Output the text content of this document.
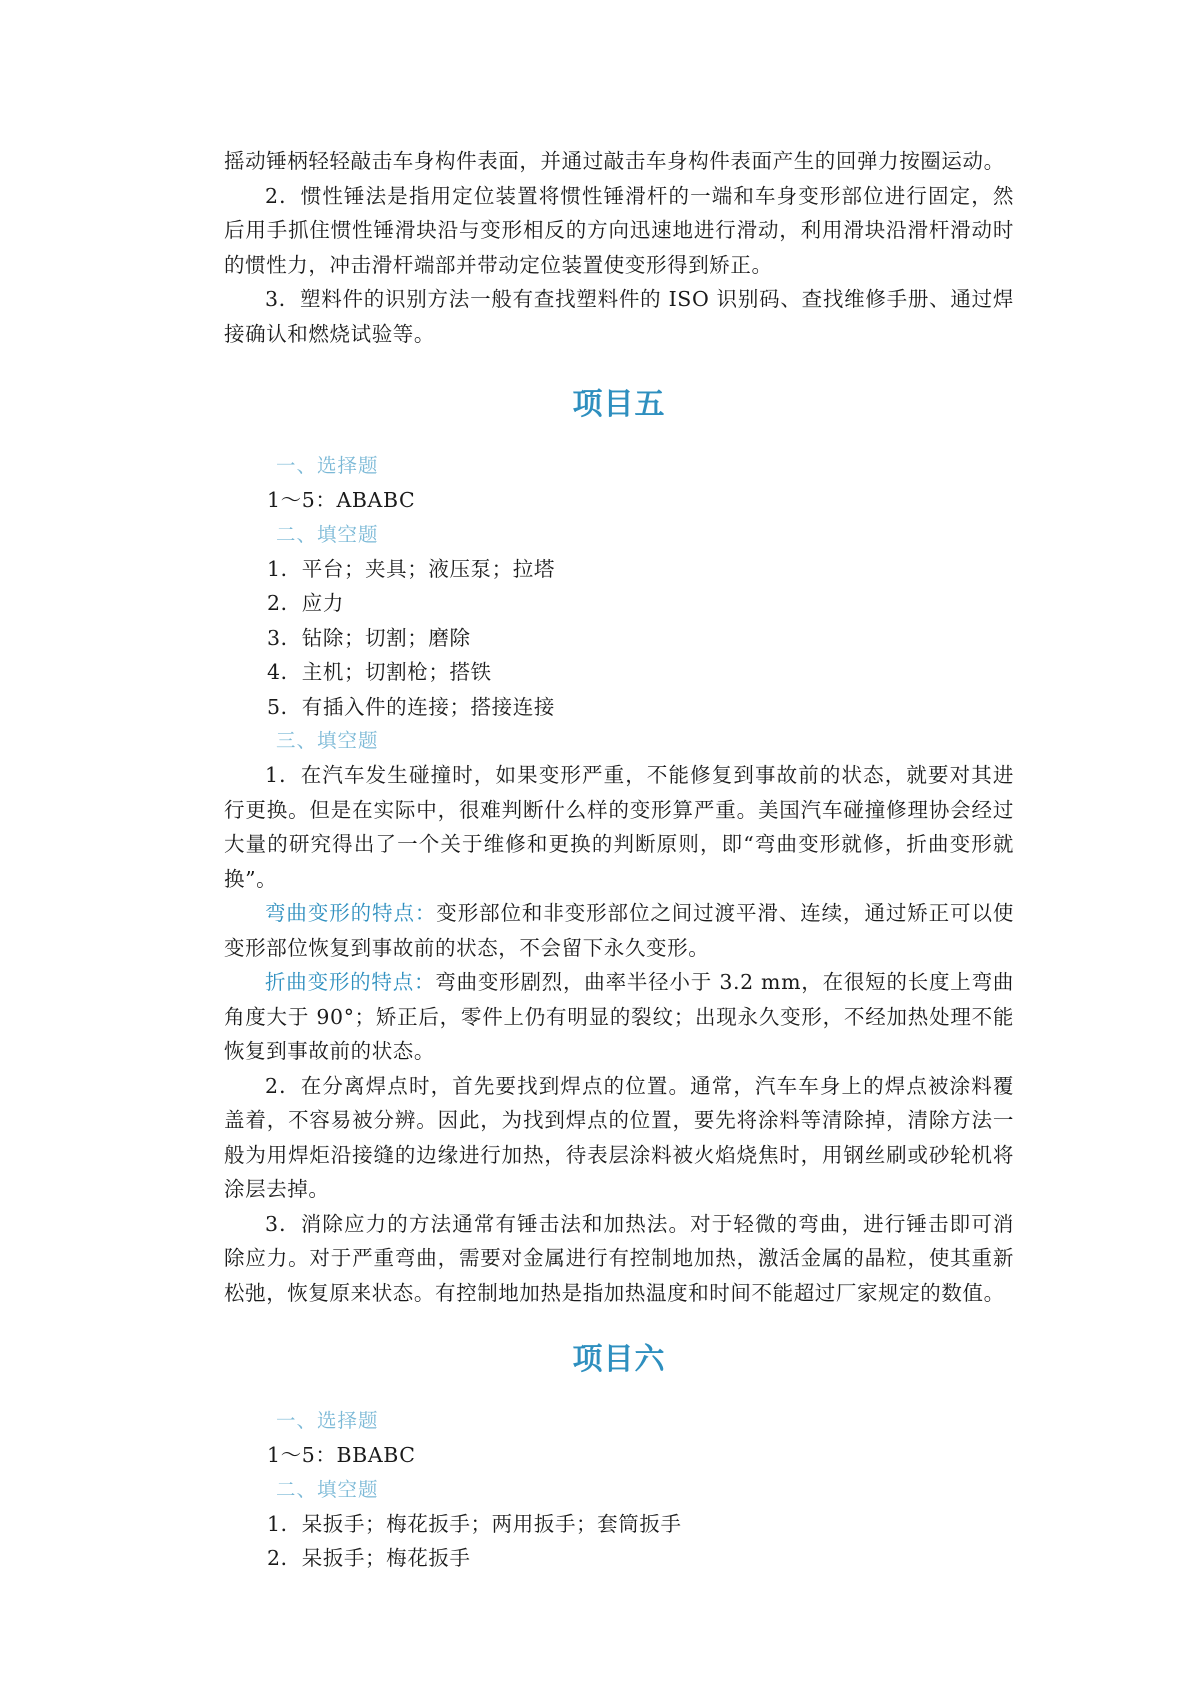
摇动锤柄轻轻敲击车身构件表面，并通过敲击车身构件表面产生的回弹力按圈运动。

2．惯性锤法是指用定位装置将惯性锤滑杆的一端和车身变形部位进行固定，然后用手抓住惯性锤滑块沿与变形相反的方向迅速地进行滑动，利用滑块沿滑杆滑动时的惯性力，冲击滑杆端部并带动定位装置使变形得到矫正。

3．塑料件的识别方法一般有查找塑料件的 ISO 识别码、查找维修手册、通过焊接确认和燃烧试验等。

项目五

一、选择题

1～5：ABABC

二、填空题

1．平台；夹具；液压泵；拉塔

2．应力

3．钻除；切割；磨除

4．主机；切割枪；搭铁

5．有插入件的连接；搭接连接

三、填空题

1．在汽车发生碰撞时，如果变形严重，不能修复到事故前的状态，就要对其进行更换。但是在实际中，很难判断什么样的变形算严重。美国汽车碰撞修理协会经过大量的研究得出了一个关于维修和更换的判断原则，即“弯曲变形就修，折曲变形就换”。

弯曲变形的特点：变形部位和非变形部位之间过渡平滑、连续，通过矫正可以使变形部位恢复到事故前的状态，不会留下永久变形。

折曲变形的特点：弯曲变形剧烈，曲率半径小于 3.2 mm，在很短的长度上弯曲角度大于 90°；矫正后，零件上仍有明显的裂纹；出现永久变形，不经加热处理不能恢复到事故前的状态。

2．在分离焊点时，首先要找到焊点的位置。通常，汽车车身上的焊点被涂料覆盖着，不容易被分辨。因此，为找到焊点的位置，要先将涂料等清除掉，清除方法一般为用焊炬沿接缝的边缘进行加热，待表层涂料被火焰烧焦时，用钢丝刷或砂轮机将涂层去掉。

3．消除应力的方法通常有锤击法和加热法。对于轻微的弯曲，进行锤击即可消除应力。对于严重弯曲，需要对金属进行有控制地加热，激活金属的晶粒，使其重新松弛，恢复原来状态。有控制地加热是指加热温度和时间不能超过厂家规定的数值。

项目六

一、选择题

1～5：BBABC

二、填空题

1．呆扳手；梅花扳手；两用扳手；套筒扳手

2．呆扳手；梅花扳手
